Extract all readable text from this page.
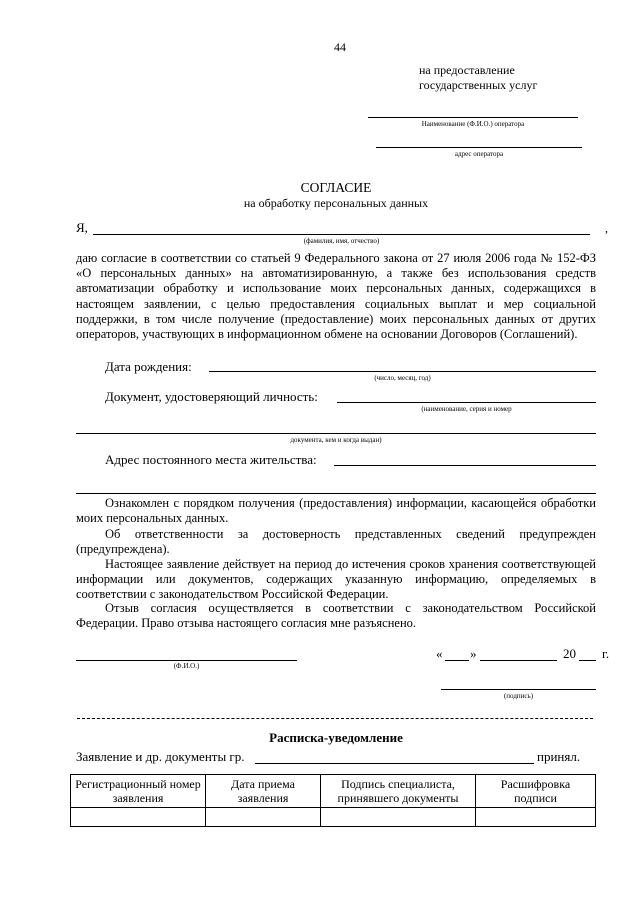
44
на предоставление
государственных услуг
Наименование (Ф.И.О.) оператора
адрес оператора
СОГЛАСИЕ
на обработку персональных данных
Я,	,
(фамилия, имя, отчество)
даю согласие в соответствии со статьей 9 Федерального закона от 27 июля 2006 года № 152-ФЗ «О персональных данных» на автоматизированную, а также без использования средств автоматизации обработку и использование моих персональных данных, содержащихся в настоящем заявлении, с целью предоставления социальных выплат и мер социальной поддержки, в том числе получение (предоставление) моих персональных данных от других операторов, участвующих в информационном обмене на основании Договоров (Соглашений).
Дата рождения:
(число, месяц, год)
Документ, удостоверяющий личность:
(наименование, серия и номер
документа, кем и когда выдан)
Адрес постоянного места жительства:
Ознакомлен с порядком получения (предоставления) информации, касающейся обработки моих персональных данных.
Об ответственности за достоверность представленных сведений предупрежден (предупреждена).
Настоящее заявление действует на период до истечения сроков хранения соответствующей информации или документов, содержащих указанную информацию, определяемых в соответствии с законодательством Российской Федерации.
Отзыв согласия осуществляется в соответствии с законодательством Российской Федерации. Право отзыва настоящего согласия мне разъяснено.
(Ф.И.О.)
« »	20 г.
(подпись)
Расписка-уведомление
Заявление и др. документы гр.	принял.
Регистрационный номер заявления	Дата приема заявления	Подпись специалиста, принявшего документы	Расшифровка подписи
